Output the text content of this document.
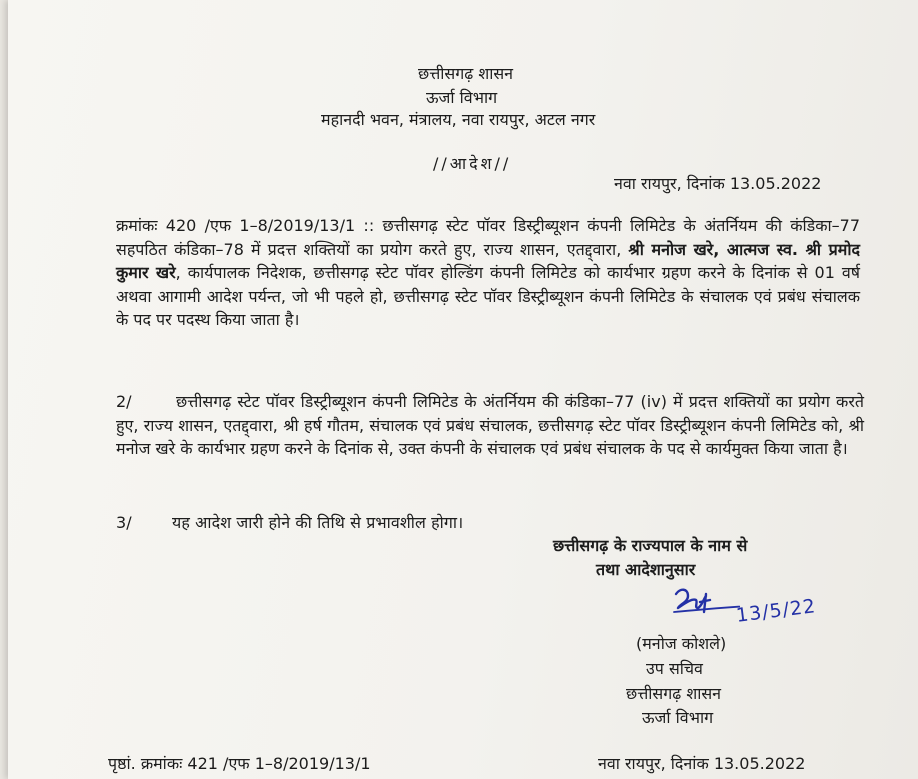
छत्तीसगढ़ शासन
ऊर्जा विभाग
महानदी भवन, मंत्रालय, नवा रायपुर, अटल नगर
//आदेश//
नवा रायपुर, दिनांक 13.05.2022
क्रमांकः 420 /एफ 1–8/2019/13/1 :: छत्तीसगढ़ स्टेट पॉवर डिस्ट्रीब्यूशन कंपनी लिमिटेड के अंतर्नियम की कंडिका–77 सहपठित कंडिका–78 में प्रदत्त शक्तियों का प्रयोग करते हुए, राज्य शासन, एतद्द्वारा, श्री मनोज खरे, आत्मज स्व. श्री प्रमोद कुमार खरे, कार्यपालक निदेशक, छत्तीसगढ़ स्टेट पॉवर होल्डिंग कंपनी लिमिटेड को कार्यभार ग्रहण करने के दिनांक से 01 वर्ष अथवा आगामी आदेश पर्यन्त, जो भी पहले हो, छत्तीसगढ़ स्टेट पॉवर डिस्ट्रीब्यूशन कंपनी लिमिटेड के संचालक एवं प्रबंध संचालक के पद पर पदस्थ किया जाता है।
2/	छत्तीसगढ़ स्टेट पॉवर डिस्ट्रीब्यूशन कंपनी लिमिटेड के अंतर्नियम की कंडिका–77 (iv) में प्रदत्त शक्तियों का प्रयोग करते हुए, राज्य शासन, एतद्द्वारा, श्री हर्ष गौतम, संचालक एवं प्रबंध संचालक, छत्तीसगढ़ स्टेट पॉवर डिस्ट्रीब्यूशन कंपनी लिमिटेड को, श्री मनोज खरे के कार्यभार ग्रहण करने के दिनांक से, उक्त कंपनी के संचालक एवं प्रबंध संचालक के पद से कार्यमुक्त किया जाता है।
3/	यह आदेश जारी होने की तिथि से प्रभावशील होगा।
छत्तीसगढ़ के राज्यपाल के नाम से
तथा आदेशानुसार
13/5/22
(मनोज कोशले)
उप सचिव
छत्तीसगढ़ शासन
ऊर्जा विभाग
पृष्ठां. क्रमांकः 421 /एफ 1–8/2019/13/1	नवा रायपुर, दिनांक 13.05.2022
